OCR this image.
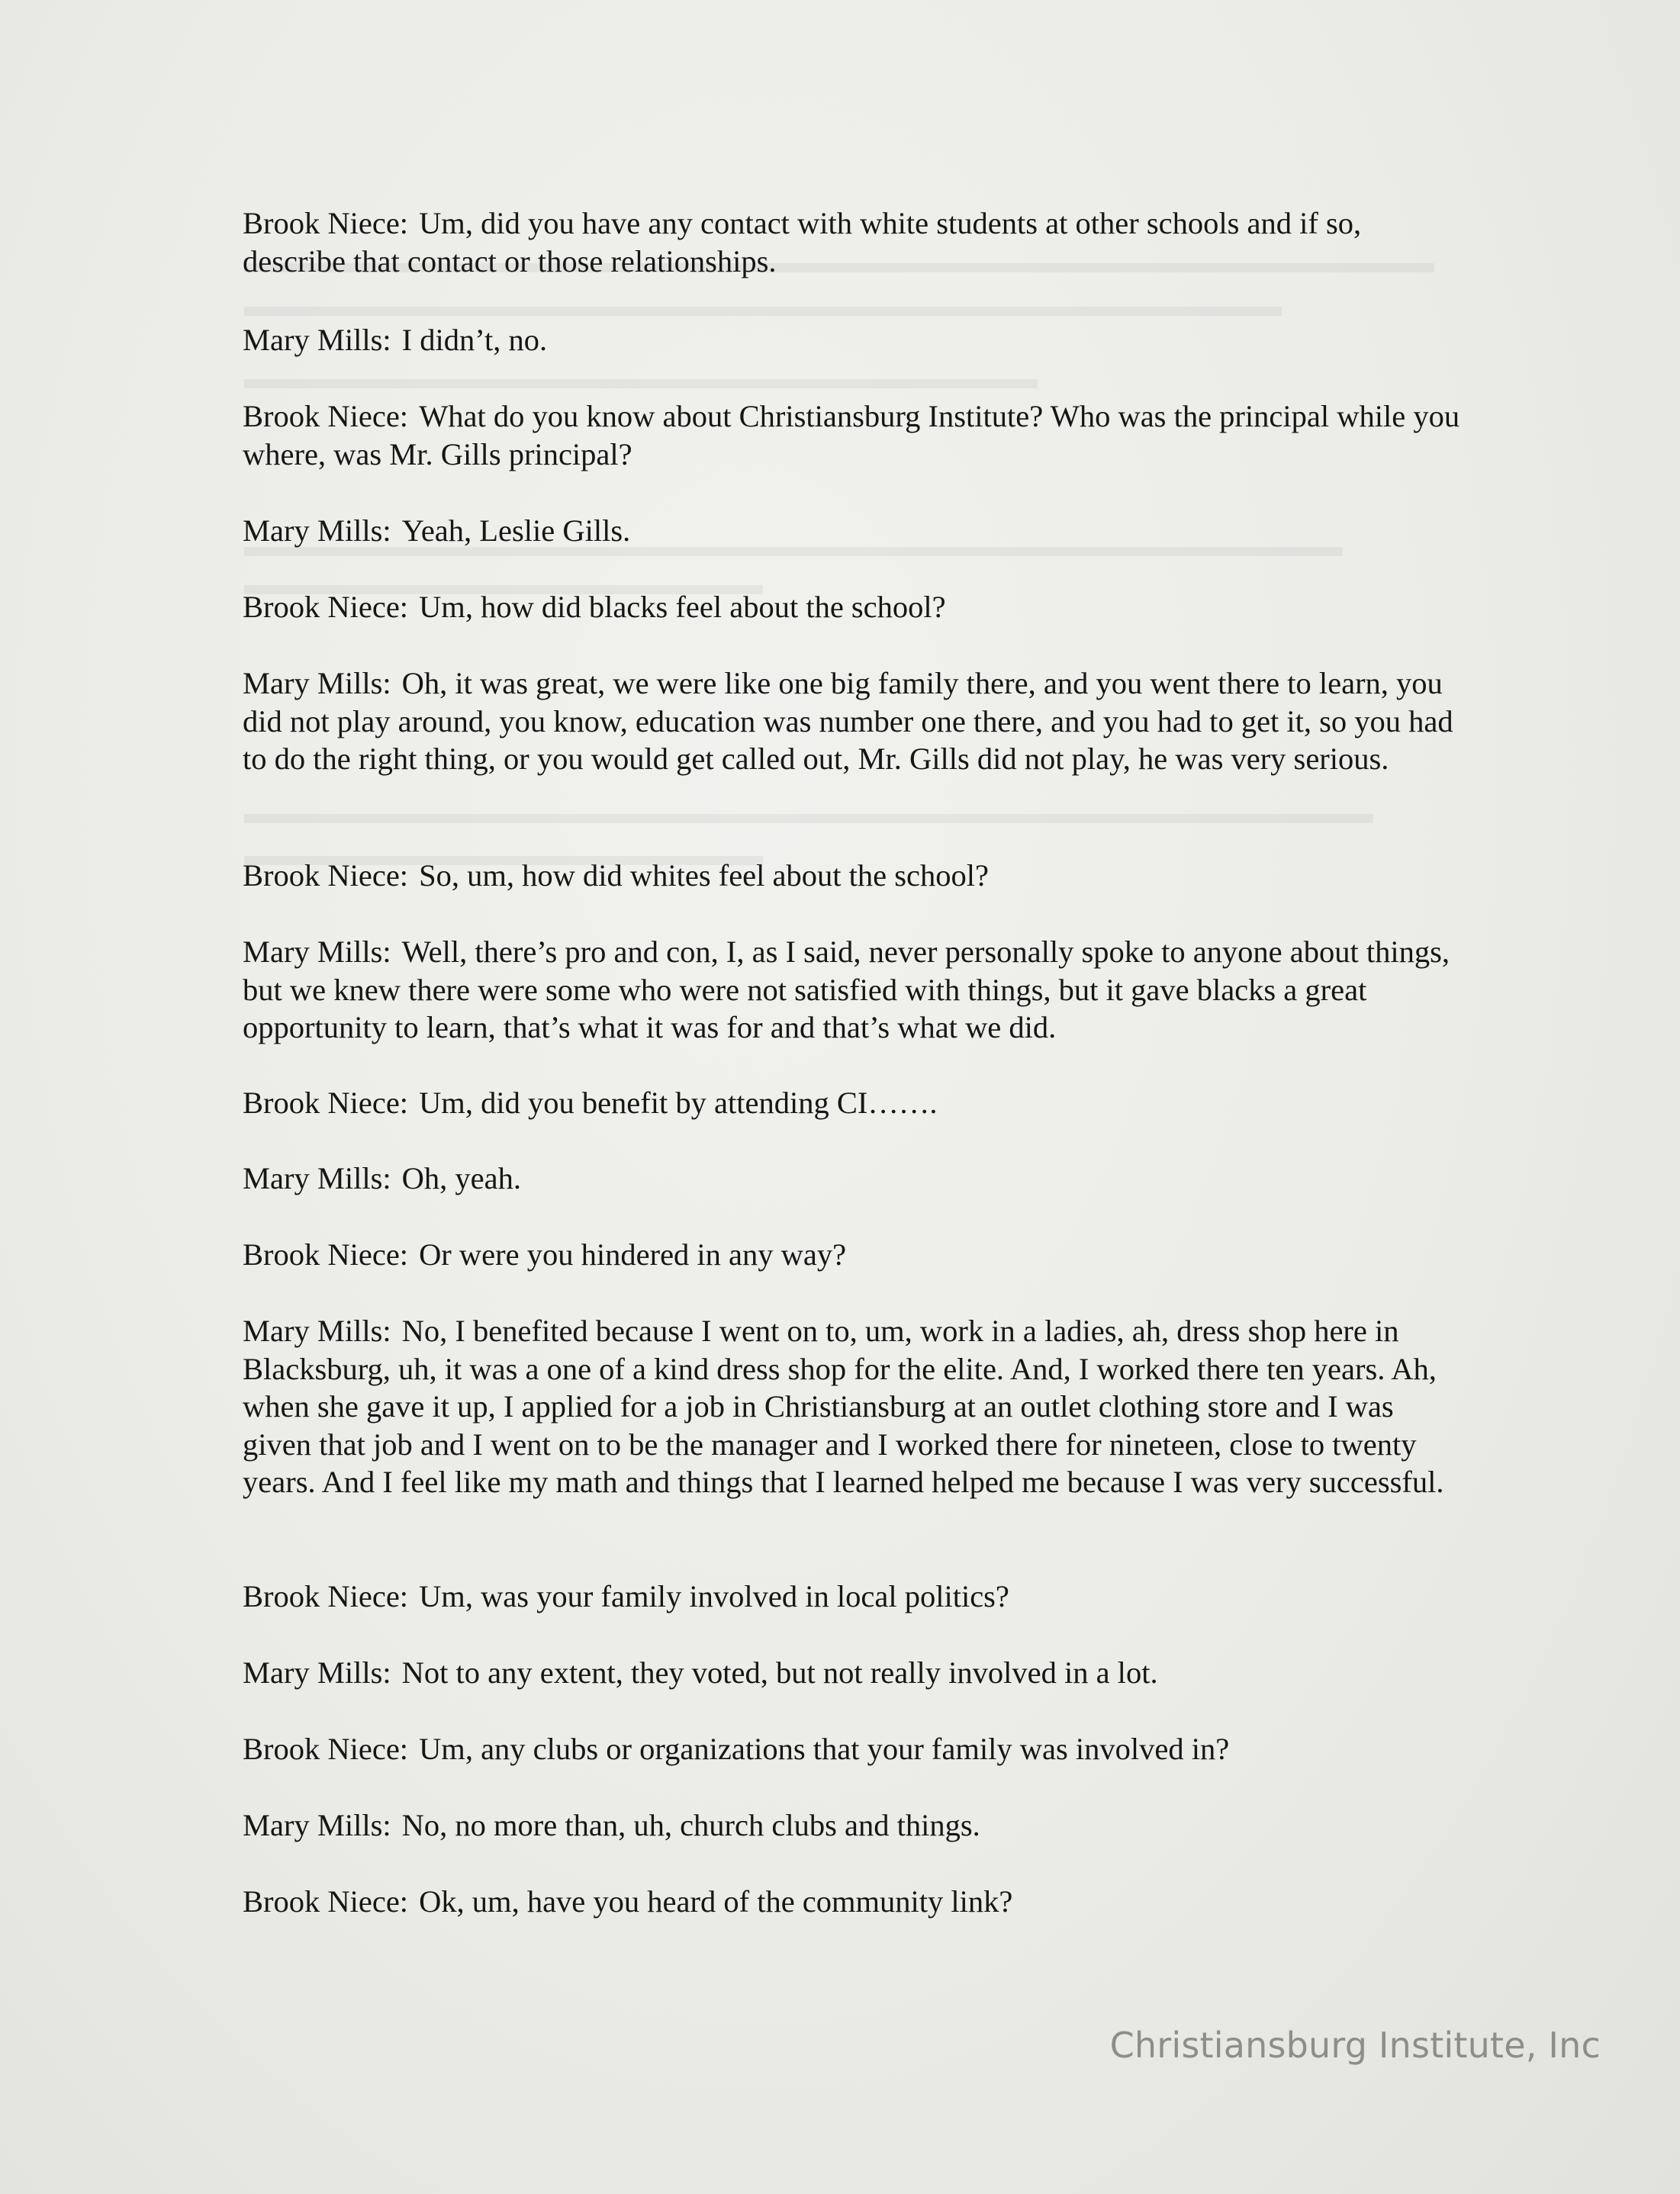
Brook Niece: Um, did you have any contact with white students at other schools and if so, describe that contact or those relationships.

Mary Mills: I didn’t, no.

Brook Niece: What do you know about Christiansburg Institute? Who was the principal while you where, was Mr. Gills principal?

Mary Mills: Yeah, Leslie Gills.

Brook Niece: Um, how did blacks feel about the school?

Mary Mills: Oh, it was great, we were like one big family there, and you went there to learn, you did not play around, you know, education was number one there, and you had to get it, so you had to do the right thing, or you would get called out, Mr. Gills did not play, he was very serious.

Brook Niece: So, um, how did whites feel about the school?

Mary Mills: Well, there’s pro and con, I, as I said, never personally spoke to anyone about things, but we knew there were some who were not satisfied with things, but it gave blacks a great opportunity to learn, that’s what it was for and that’s what we did.

Brook Niece: Um, did you benefit by attending CI…….

Mary Mills: Oh, yeah.

Brook Niece: Or were you hindered in any way?

Mary Mills: No, I benefited because I went on to, um, work in a ladies, ah, dress shop here in Blacksburg, uh, it was a one of a kind dress shop for the elite. And, I worked there ten years. Ah, when she gave it up, I applied for a job in Christiansburg at an outlet clothing store and I was given that job and I went on to be the manager and I worked there for nineteen, close to twenty years. And I feel like my math and things that I learned helped me because I was very successful.

Brook Niece: Um, was your family involved in local politics?

Mary Mills: Not to any extent, they voted, but not really involved in a lot.

Brook Niece: Um, any clubs or organizations that your family was involved in?

Mary Mills: No, no more than, uh, church clubs and things.

Brook Niece: Ok, um, have you heard of the community link?

Christiansburg Institute, Inc
